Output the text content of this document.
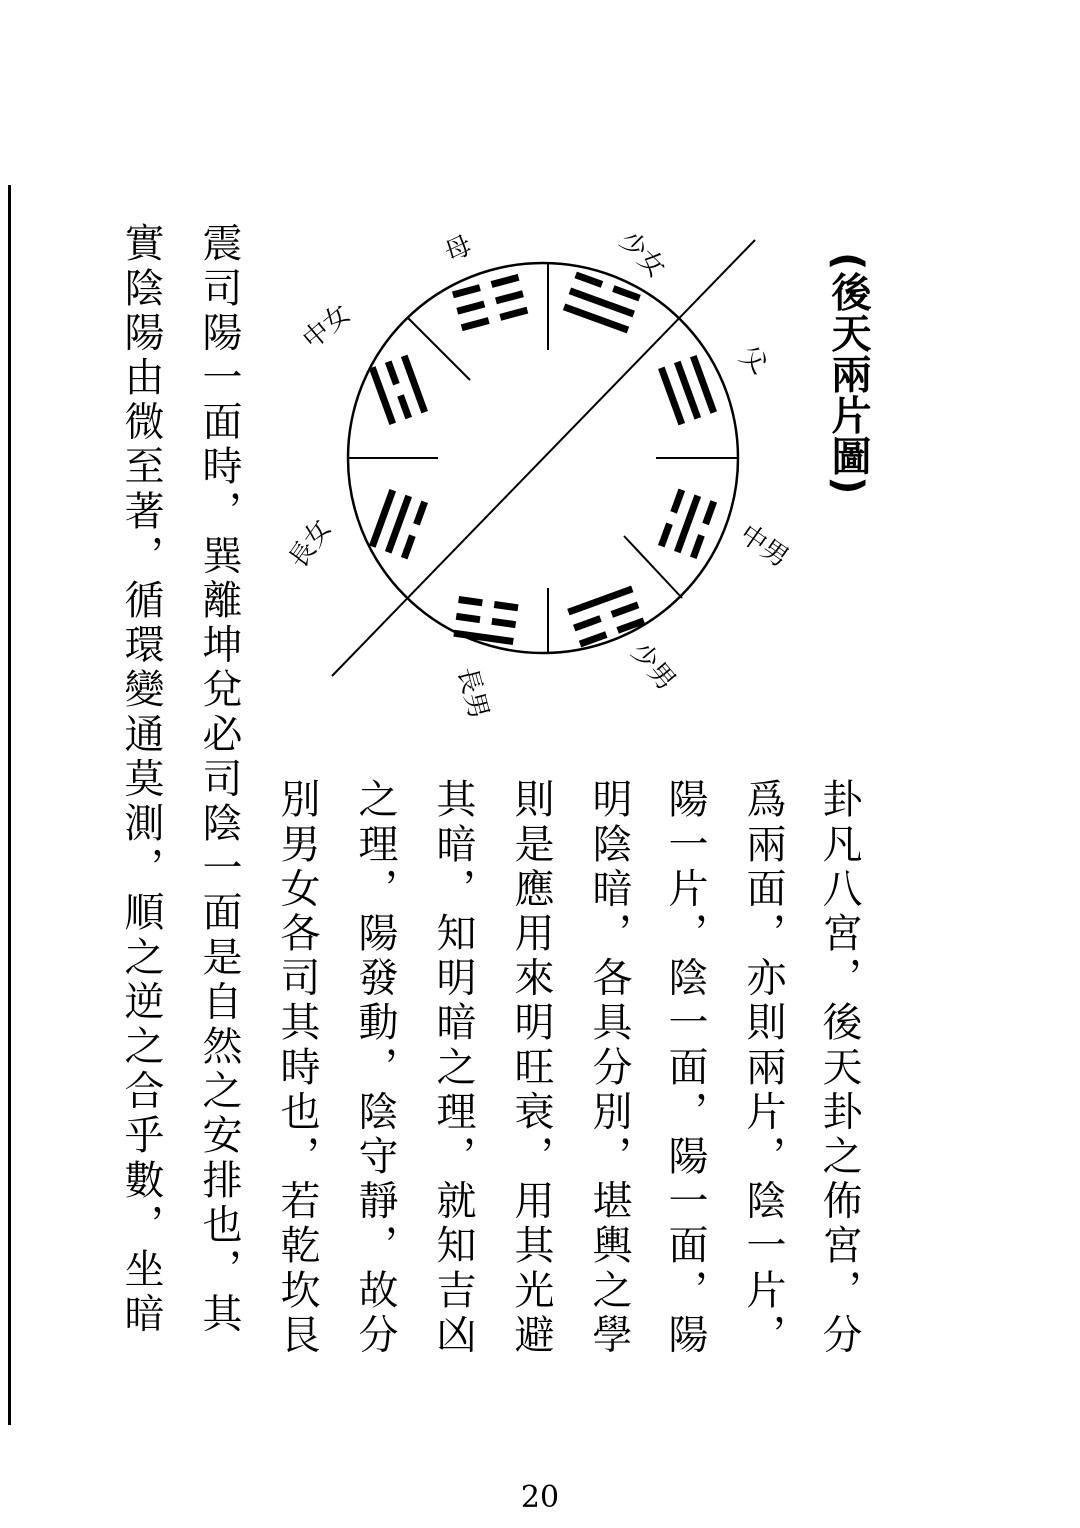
(後天兩片圖)
少女
母
中女
長女
長男	少男
中男
父
卦凡八宮，後天卦之佈宮，分
爲兩面，亦則兩片，陰一片，
陽一片，陰一面，陽一面，陽
明陰暗，各具分別，堪輿之學
則是應用來明旺衰，用其光避
其暗，知明暗之理，就知吉凶
之理，陽發動，陰守靜，故分
別男女各司其時也，若乾坎艮
震司陽一面時，巽離坤兌必司陰一面是自然之安排也，其
實陰陽由微至著，循環變通莫測，順之逆之合乎數，坐暗
20
